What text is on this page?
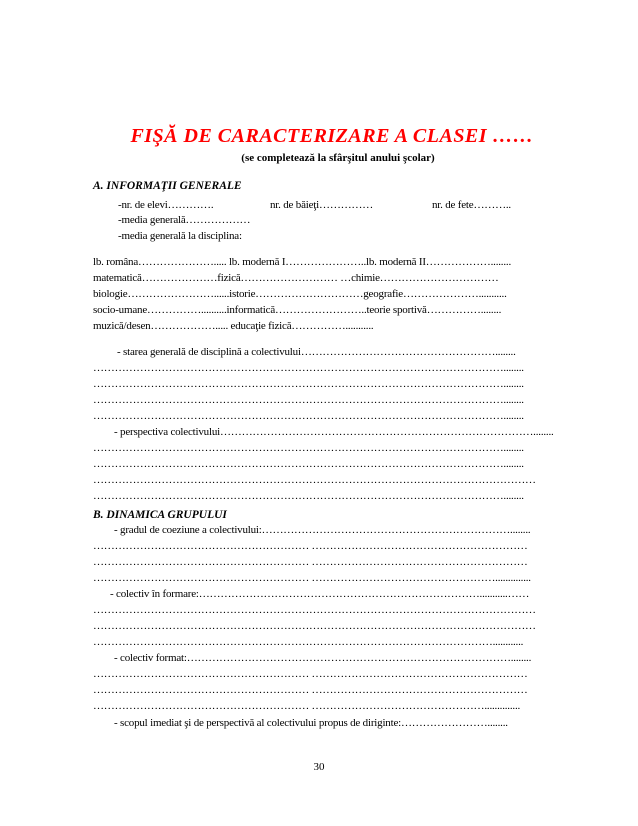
FIŞĂ DE CARACTERIZARE A CLASEI ……
(se completează la sfârşitul anului şcolar)
A. INFORMAŢII GENERALE
-nr. de elevi………….	nr. de băieţi……………	nr. de fete………..
-media generală………………
-media generală la disciplina:
lb. româna…………………..... lb. modernă I…………………..lb. modernă II………………........
matematică…………………fizică……………………… …chimie……………………………
biologie……………………......istorie…………………………geografie…………………...........
socio-umane……………..........informatică……………………..teorie sportivă……………........
muzică/desen………………..... educaţie fizică……………...........
- starea generală de disciplină a colectivului………………………………………………........
……………………………………………………………………………………………………........
……………………………………………………………………………………………………........
……………………………………………………………………………………………………........
……………………………………………………………………………………………………........
- perspectiva colectivului……………………………………………………………………………........
……………………………………………………………………………………………………........
……………………………………………………………………………………………………........
……………………………………………………………………………………………………………
……………………………………………………………………………………………………........
B. DINAMICA GRUPULUI
- gradul de coeziune a colectivului:……………………………………………………………........
…………………………………………………… ……………………………………………………
…………………………………………………… ……………………………………………………
…………………………………………………… ……………………………………………..............
- colectiv în formare:……………………………………………………………………...........……
……………………………………………………………………………………………………………
……………………………………………………………………………………………………………
…………………………………………………………………………………………………............
- colectiv format:………………………………………………………………………………........
…………………………………………………… ……………………………………………………
…………………………………………………… ……………………………………………………
…………………………………………………… …………………………………………..............
- scopul imediat şi de perspectivă al colectivului propus de diriginte:……………………........
30
